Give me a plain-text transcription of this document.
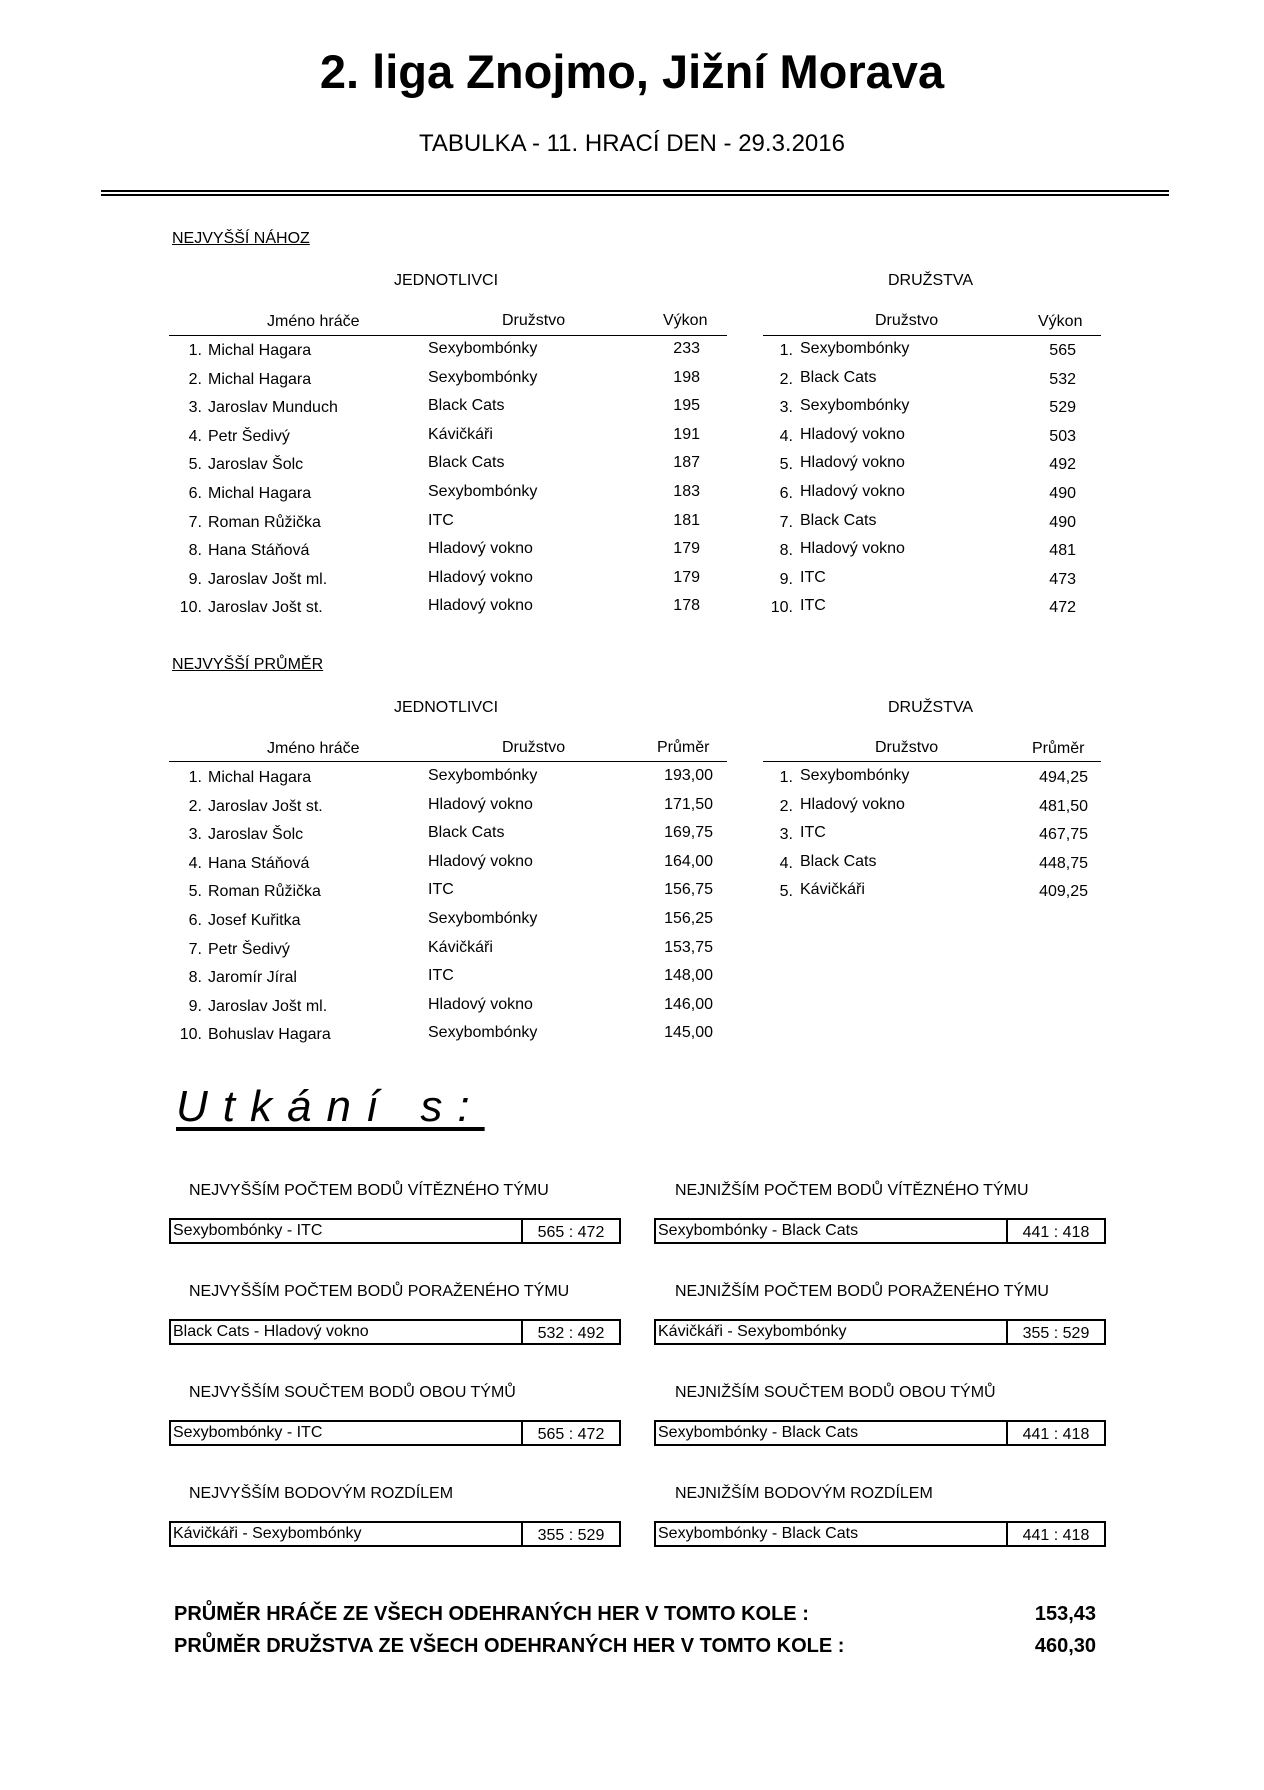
2. liga Znojmo, Jižní Morava
TABULKA - 11. HRACÍ DEN - 29.3.2016
NEJVYŠŠÍ NÁHOZ
JEDNOTLIVCI	DRUŽSTVA
Jméno hráče	Družstvo	Výkon	Družstvo	Výkon
1. Michal Hagara	Sexybombónky	233
2. Michal Hagara	Sexybombónky	198
3. Jaroslav Munduch	Black Cats	195
4. Petr Šedivý	Kávičkáři	191
5. Jaroslav Šolc	Black Cats	187
6. Michal Hagara	Sexybombónky	183
7. Roman Růžička	ITC	181
8. Hana Stáňová	Hladový vokno	179
9. Jaroslav Jošt ml.	Hladový vokno	179
10. Jaroslav Jošt st.	Hladový vokno	178
1. Sexybombónky	565
2. Black Cats	532
3. Sexybombónky	529
4. Hladový vokno	503
5. Hladový vokno	492
6. Hladový vokno	490
7. Black Cats	490
8. Hladový vokno	481
9. ITC	473
10. ITC	472
NEJVYŠŠÍ PRŮMĚR
JEDNOTLIVCI	DRUŽSTVA
Jméno hráče	Družstvo	Průměr	Družstvo	Průměr
1. Michal Hagara	Sexybombónky	193,00
2. Jaroslav Jošt st.	Hladový vokno	171,50
3. Jaroslav Šolc	Black Cats	169,75
4. Hana Stáňová	Hladový vokno	164,00
5. Roman Růžička	ITC	156,75
6. Josef Kuřitka	Sexybombónky	156,25
7. Petr Šedivý	Kávičkáři	153,75
8. Jaromír Jíral	ITC	148,00
9. Jaroslav Jošt ml.	Hladový vokno	146,00
10. Bohuslav Hagara	Sexybombónky	145,00
1. Sexybombónky	494,25
2. Hladový vokno	481,50
3. ITC	467,75
4. Black Cats	448,75
5. Kávičkáři	409,25
Utkání s:
NEJVYŠŠÍM POČTEM BODŮ VÍTĚZNÉHO TÝMU
Sexybombónky - ITC	565 : 472
NEJNIŽŠÍM POČTEM BODŮ VÍTĚZNÉHO TÝMU
Sexybombónky - Black Cats	441 : 418
NEJVYŠŠÍM POČTEM BODŮ PORAŽENÉHO TÝMU
Black Cats - Hladový vokno	532 : 492
NEJNIŽŠÍM POČTEM BODŮ PORAŽENÉHO TÝMU
Kávičkáři - Sexybombónky	355 : 529
NEJVYŠŠÍM SOUČTEM BODŮ OBOU TÝMŮ
Sexybombónky - ITC	565 : 472
NEJNIŽŠÍM SOUČTEM BODŮ OBOU TÝMŮ
Sexybombónky - Black Cats	441 : 418
NEJVYŠŠÍM BODOVÝM ROZDÍLEM
Kávičkáři - Sexybombónky	355 : 529
NEJNIŽŠÍM BODOVÝM ROZDÍLEM
Sexybombónky - Black Cats	441 : 418
PRŮMĚR HRÁČE ZE VŠECH ODEHRANÝCH HER V TOMTO KOLE :	153,43
PRŮMĚR DRUŽSTVA ZE VŠECH ODEHRANÝCH HER V TOMTO KOLE :	460,30
